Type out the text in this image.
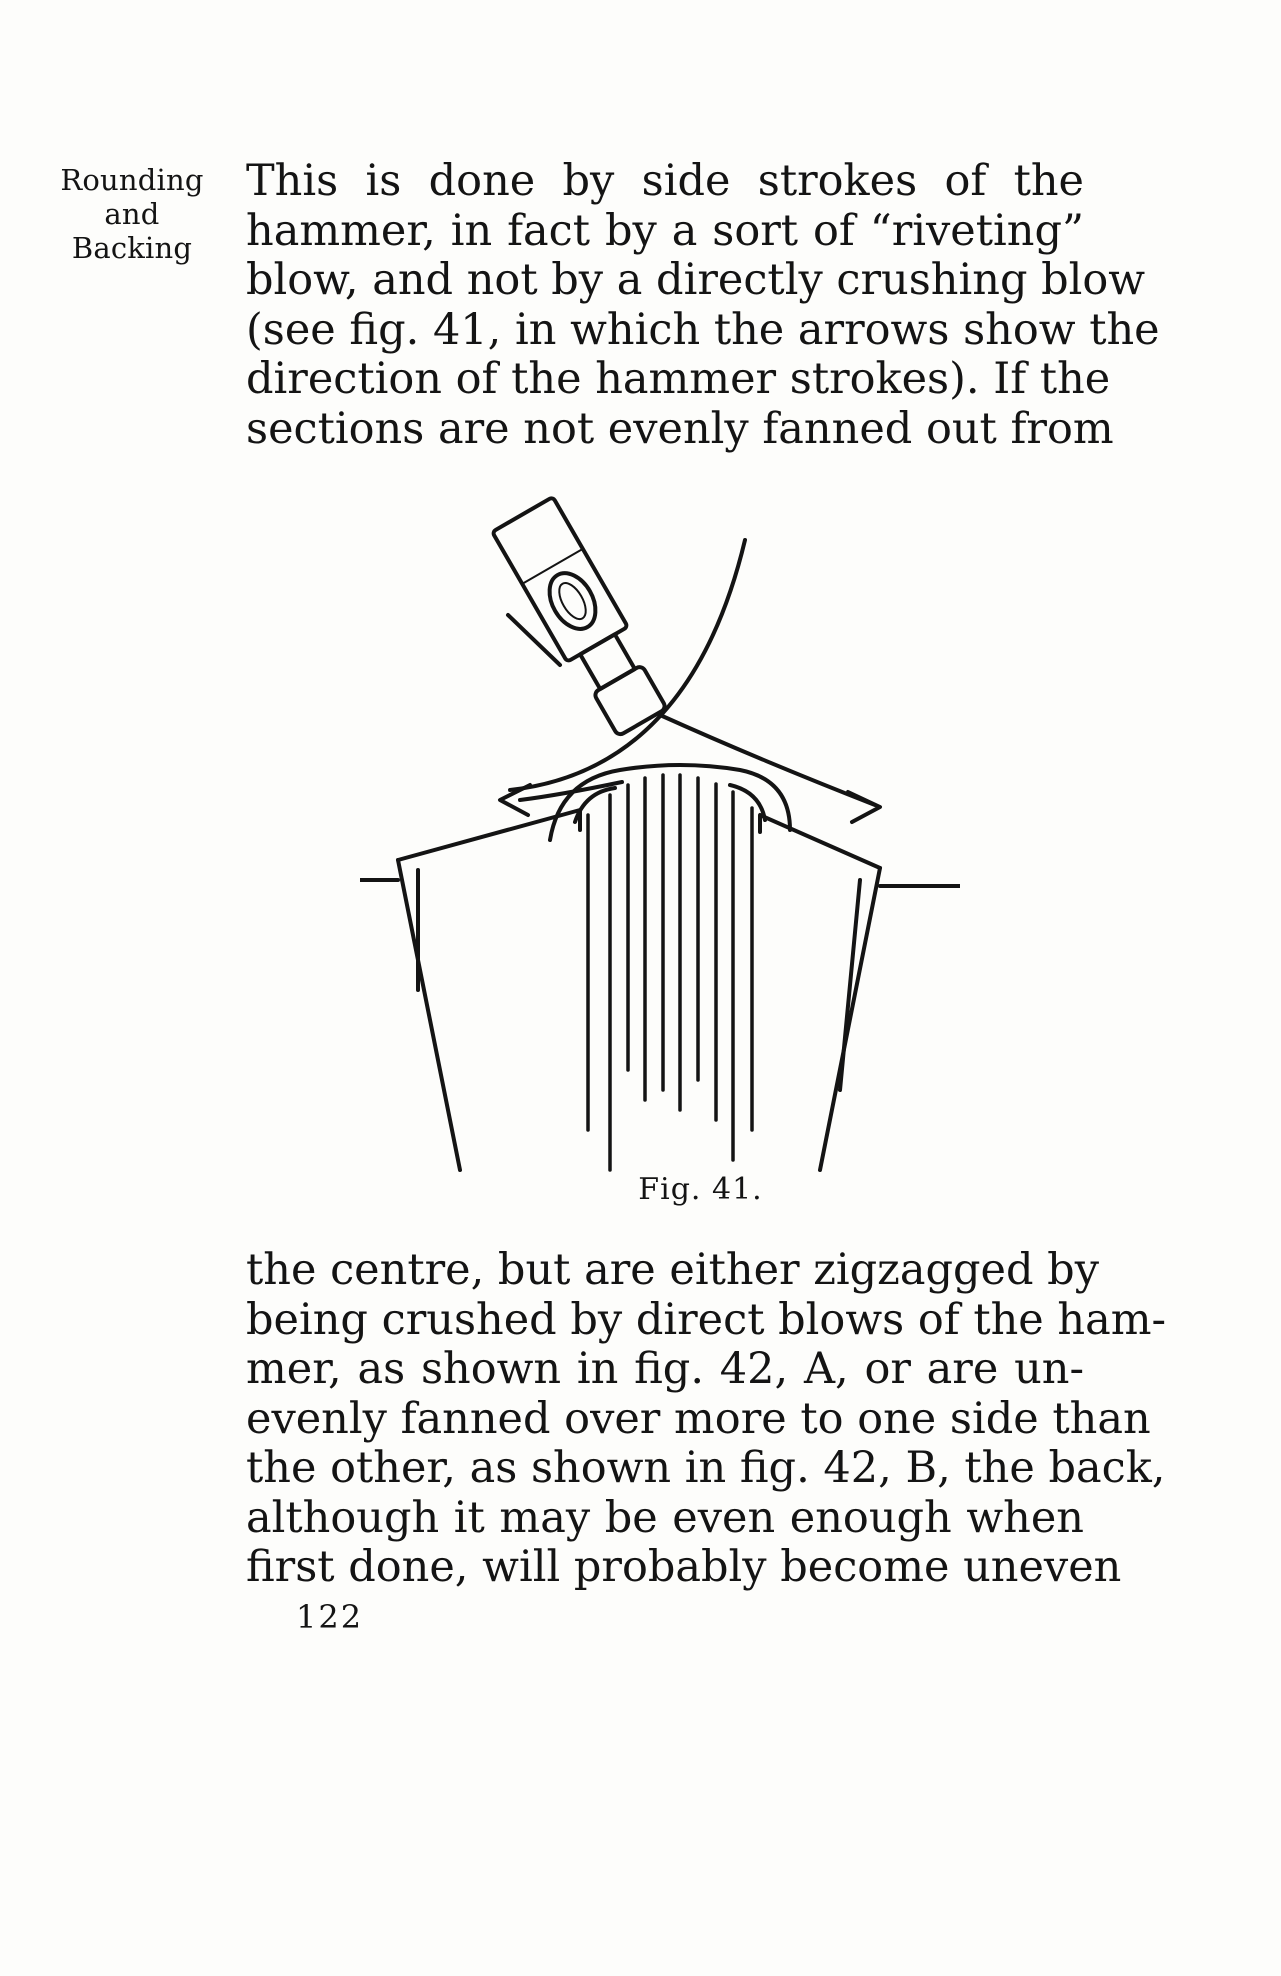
Rounding
and
Backing
This is done by side strokes of the
hammer, in fact by a sort of “riveting”
blow, and not by a directly crushing blow
(see fig. 41, in which the arrows show the
direction of the hammer strokes). If the
sections are not evenly fanned out from
Fig. 41.
the centre, but are either zigzagged by
being crushed by direct blows of the ham-
mer, as shown in fig. 42, A, or are un-
evenly fanned over more to one side than
the other, as shown in fig. 42, B, the back,
although it may be even enough when
first done, will probably become uneven
122
